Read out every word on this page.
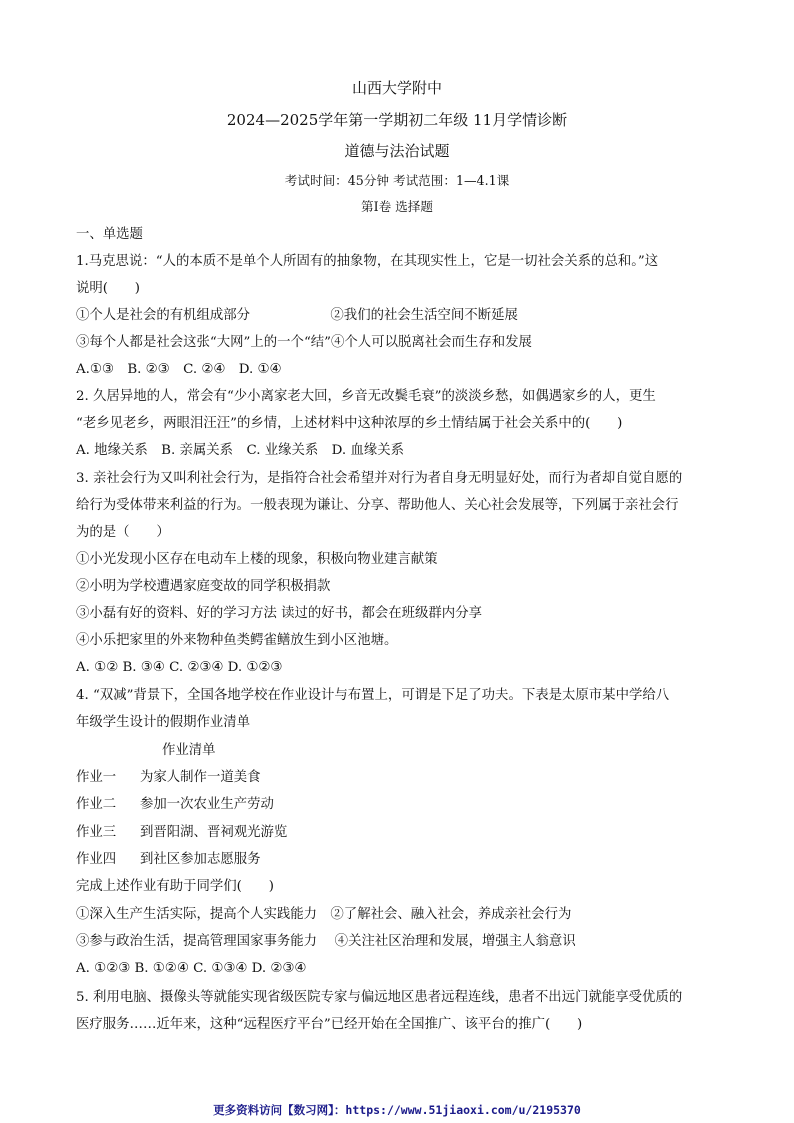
山西大学附中
2024—2025学年第一学期初二年级 11月学情诊断
道德与法治试题
考试时间：45分钟 考试范围：1—4.1课
第Ⅰ卷 选择题
一、单选题
1.马克思说：“人的本质不是单个人所固有的抽象物，在其现实性上，它是一切社会关系的总和。”这
说明(　　)
①个人是社会的有机组成部分　　　　　　②我们的社会生活空间不断延展
③每个人都是社会这张“大网”上的一个“结”④个人可以脱离社会而生存和发展
A.①③　B. ②③　C. ②④　D. ①④
2. 久居异地的人，常会有“少小离家老大回，乡音无改鬓毛衰”的淡淡乡愁，如偶遇家乡的人，更生
“老乡见老乡，两眼泪汪汪”的乡情，上述材料中这种浓厚的乡土情结属于社会关系中的(　　)
A. 地缘关系　B. 亲属关系　C. 业缘关系　D. 血缘关系
3. 亲社会行为又叫利社会行为，是指符合社会希望并对行为者自身无明显好处，而行为者却自觉自愿的
给行为受体带来利益的行为。一般表现为谦让、分享、帮助他人、关心社会发展等，下列属于亲社会行
为的是（　　）
①小光发现小区存在电动车上楼的现象，积极向物业建言献策
②小明为学校遭遇家庭变故的同学积极捐款
③小磊有好的资料、好的学习方法 读过的好书，都会在班级群内分享
④小乐把家里的外来物种鱼类鳄雀鳝放生到小区池塘。
A. ①② B. ③④ C. ②③④ D. ①②③
4. “双减”背景下，全国各地学校在作业设计与布置上，可谓是下足了功夫。下表是太原市某中学给八
年级学生设计的假期作业清单
作业清单
作业一 为家人制作一道美食
作业二 参加一次农业生产劳动
作业三 到晋阳湖、晋祠观光游览
作业四 到社区参加志愿服务
完成上述作业有助于同学们(　　)
①深入生产生活实际，提高个人实践能力　②了解社会、融入社会，养成亲社会行为
③参与政治生活，提高管理国家事务能力　 ④关注社区治理和发展，增强主人翁意识
A. ①②③ B. ①②④ C. ①③④ D. ②③④
5. 利用电脑、摄像头等就能实现省级医院专家与偏远地区患者远程连线，患者不出远门就能享受优质的
医疗服务……近年来，这种“远程医疗平台”已经开始在全国推广、该平台的推广(　　)
更多资料访问【数习网】：https://www.51jiaoxi.com/u/2195370
